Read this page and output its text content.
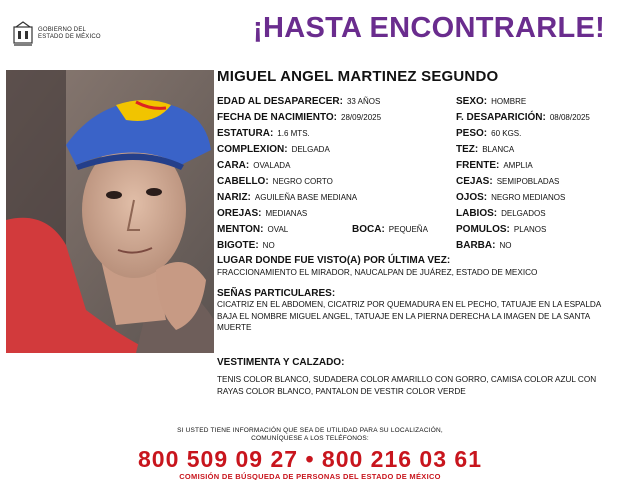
GOBIERNO DEL
ESTADO DE MÉXICO	¡HASTA ENCONTRARLE!
MIGUEL ANGEL MARTINEZ SEGUNDO
EDAD AL DESAPARECER: 33 AÑOS
FECHA DE NACIMIENTO: 28/09/2025
ESTATURA: 1.6 MTS.
COMPLEXION: DELGADA
CARA: OVALADA
CABELLO: NEGRO CORTO
NARIZ: AGUILEÑA BASE MEDIANA
OREJAS: MEDIANAS
MENTON: OVAL
BIGOTE: NO
BOCA: PEQUEÑA
SEXO: HOMBRE
F. DESAPARICIÓN: 08/08/2025
PESO: 60 KGS.
TEZ: BLANCA
FRENTE: AMPLIA
CEJAS: SEMIPOBLADAS
OJOS: NEGRO MEDIANOS
LABIOS: DELGADOS
POMULOS: PLANOS
BARBA: NO
LUGAR DONDE FUE VISTO(A) POR ÚLTIMA VEZ:
FRACCIONAMIENTO EL MIRADOR, NAUCALPAN DE JUÁREZ, ESTADO DE MEXICO
SEÑAS PARTICULARES:
CICATRIZ EN EL ABDOMEN, CICATRIZ POR QUEMADURA EN EL PECHO, TATUAJE EN LA ESPALDA BAJA EL NOMBRE MIGUEL ANGEL, TATUAJE EN LA PIERNA DERECHA LA IMAGEN DE LA SANTA MUERTE
VESTIMENTA Y CALZADO:
TENIS COLOR BLANCO, SUDADERA COLOR AMARILLO CON GORRO, CAMISA COLOR AZUL CON RAYAS COLOR BLANCO, PANTALON DE VESTIR COLOR VERDE
SI USTED TIENE INFORMACIÓN QUE SEA DE UTILIDAD PARA SU LOCALIZACIÓN,
COMUNÍQUESE A LOS TELÉFONOS:
800 509 09 27 • 800 216 03 61
COMISIÓN DE BÚSQUEDA DE PERSONAS DEL ESTADO DE MÉXICO
